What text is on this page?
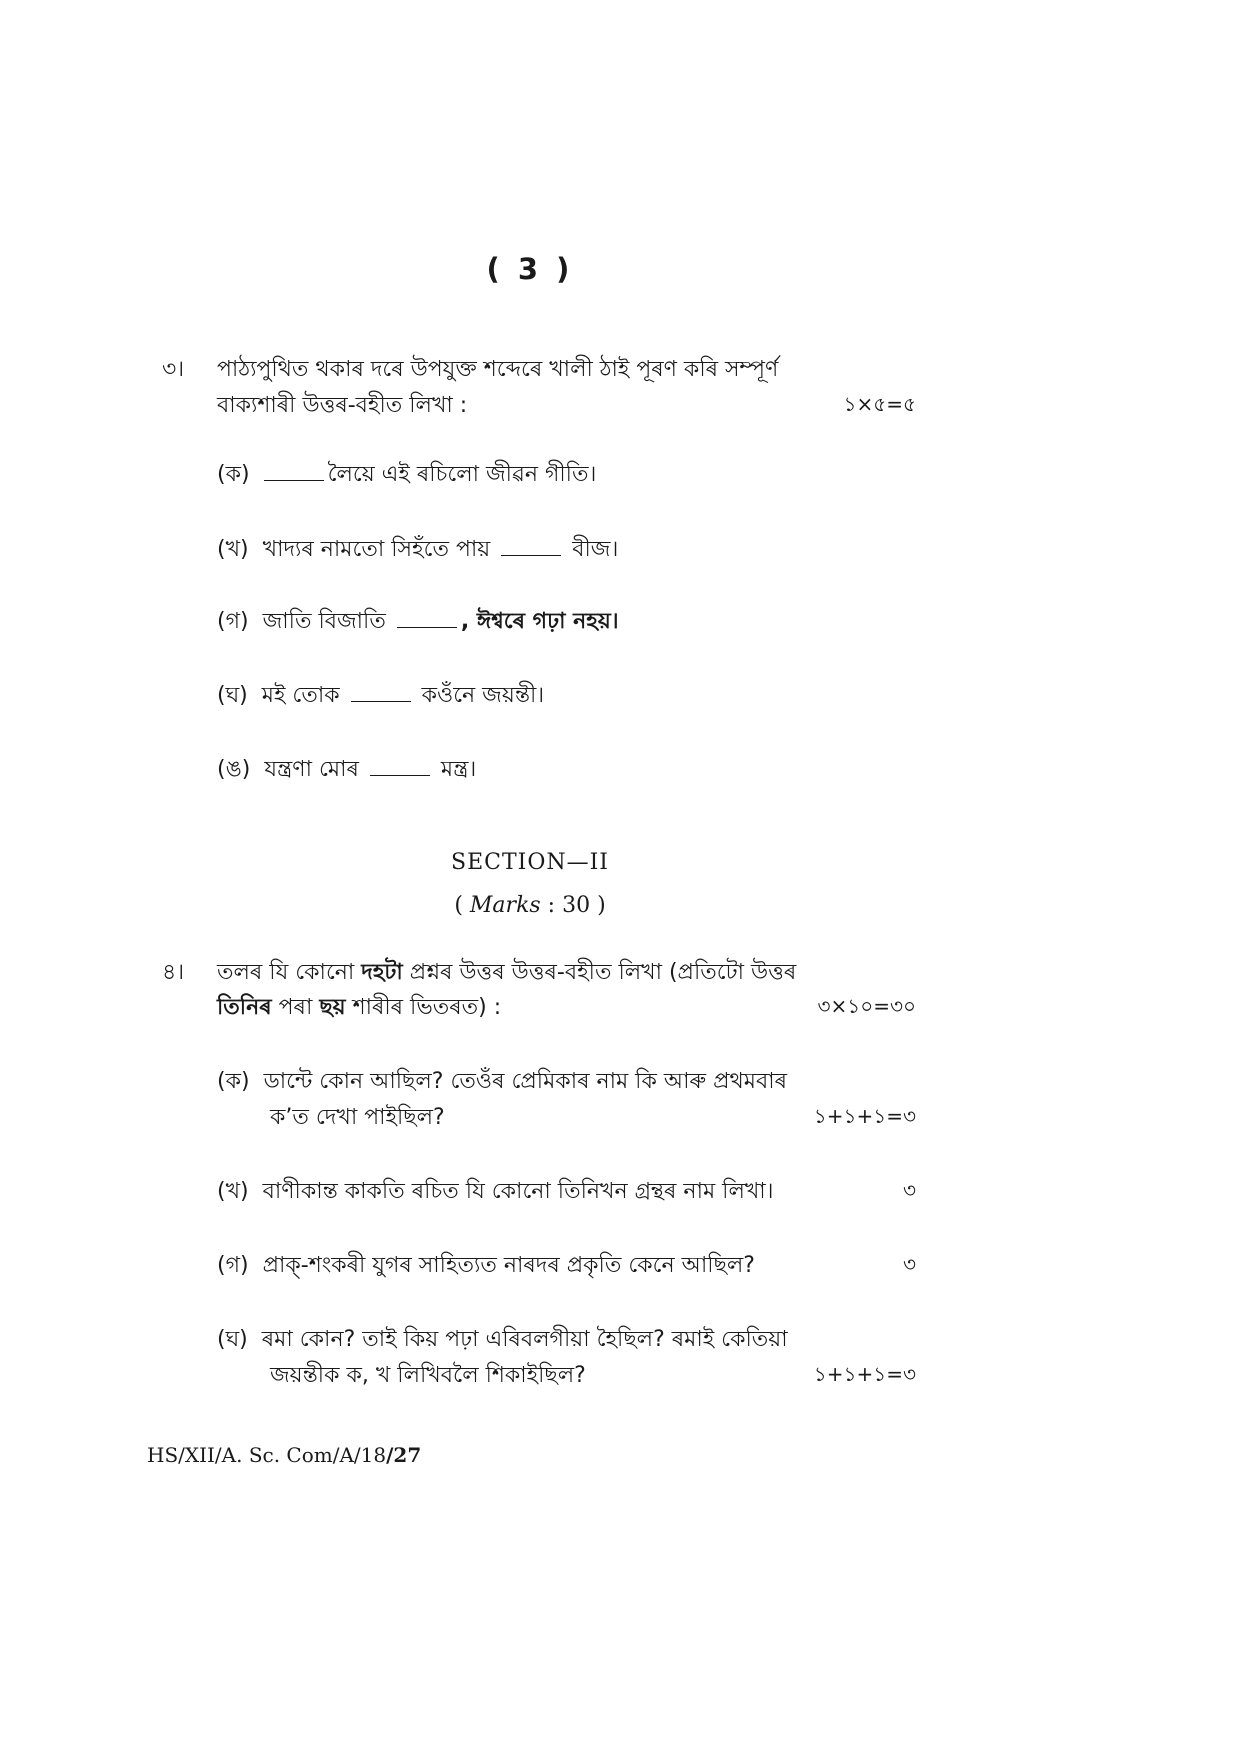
( 3 )
৩। পাঠ্যপুথিত থকাৰ দৰে উপযুক্ত শব্দেৰে খালী ঠাই পূৰণ কৰি সম্পূৰ্ণ
বাক্যশাৰী উত্তৰ-বহীত লিখা :	১×৫=৫
(ক)	লৈয়ে এই ৰচিলো জীৱন গীতি।
(খ) খাদ্যৰ নামতো সিহঁতে পায়	বীজ।
(গ) জাতি বিজাতি	, ঈশ্বৰে গঢ়া নহয়।
(ঘ) মই তোক	কওঁনে জয়ন্তী।
(ঙ) যন্ত্ৰণা মোৰ	মন্ত্ৰ।
SECTION—II
( Marks : 30 )
৪। তলৰ যি কোনো দহটা প্ৰশ্নৰ উত্তৰ উত্তৰ-বহীত লিখা (প্ৰতিটো উত্তৰ
তিনিৰ পৰা ছয় শাৰীৰ ভিতৰত) :	৩×১০=৩০
(ক) ডান্টে কোন আছিল? তেওঁৰ প্ৰেমিকাৰ নাম কি আৰু প্ৰথমবাৰ
ক’ত দেখা পাইছিল?	১+১+১=৩
(খ) বাণীকান্ত কাকতি ৰচিত যি কোনো তিনিখন গ্ৰন্থৰ নাম লিখা।	৩
(গ) প্ৰাক্-শংকৰী যুগৰ সাহিত্যত নাৰদৰ প্ৰকৃতি কেনে আছিল?	৩
(ঘ) ৰমা কোন? তাই কিয় পঢ়া এৰিবলগীয়া হৈছিল? ৰমাই কেতিয়া
জয়ন্তীক ক, খ লিখিবলৈ শিকাইছিল?	১+১+১=৩
HS/XII/A. Sc. Com/A/18/27
